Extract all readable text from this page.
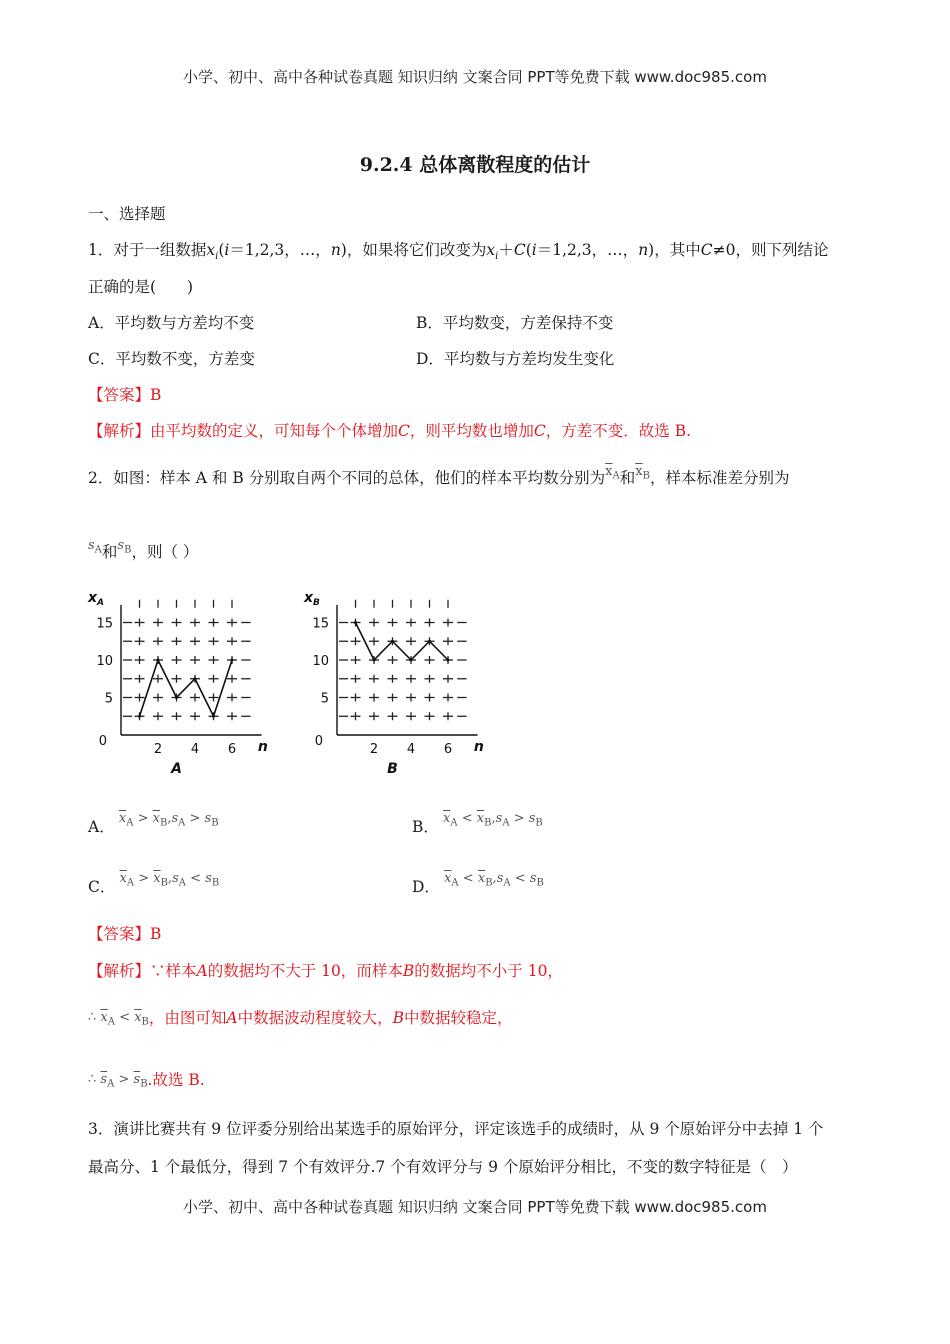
小学、初中、高中各种试卷真题 知识归纳 文案合同 PPT等免费下载 www.doc985.com
小学、初中、高中各种试卷真题 知识归纳 文案合同 PPT等免费下载 www.doc985.com
9.2.4 总体离散程度的估计
一、选择题
1．对于一组数据$x_i(i=1,2,3$，…，n)，如果将它们改变为$x_i+C(i=1,2,3$，…，n)，其中C≠0，则下列结论
正确的是(　　)
A．平均数与方差均不变	B．平均数变，方差保持不变
C．平均数不变，方差变	D．平均数与方差均发生变化
【答案】B
【解析】由平均数的定义，可知每个个体增加C，则平均数也增加C，方差不变．故选 B.
2．如图：样本 A 和 B 分别取自两个不同的总体，他们的样本平均数分别为$^{\overline{x}_A}$和$^{\overline{x}_B}$，样本标准差分别为
$^{s_A}$和$^{s_B}$，则（ ）
$x_A$
5
10
15
0
2 4 6 n
A
$x_B$
5
10
15
0
2 4 6 n
B
A． $^{\overline{x}_A > \overline{x}_B,s_A > s_B}$	B． $^{\overline{x}_A < \overline{x}_B,s_A > s_B}$
C． $^{\overline{x}_A > \overline{x}_B,s_A < s_B}$	D． $^{\overline{x}_A < \overline{x}_B,s_A < s_B}$
【答案】B
【解析】∵样本A的数据均不大于 10，而样本B的数据均不小于 10，
∴ $\overline{x}_A < \overline{x}_B$，由图可知A中数据波动程度较大，B中数据较稳定，
∴ $\overline{s}_A > \overline{s}_B$.故选 B.
3．演讲比赛共有 9 位评委分别给出某选手的原始评分，评定该选手的成绩时，从 9 个原始评分中去掉 1 个
最高分、1 个最低分，得到 7 个有效评分.7 个有效评分与 9 个原始评分相比，不变的数字特征是（　）
